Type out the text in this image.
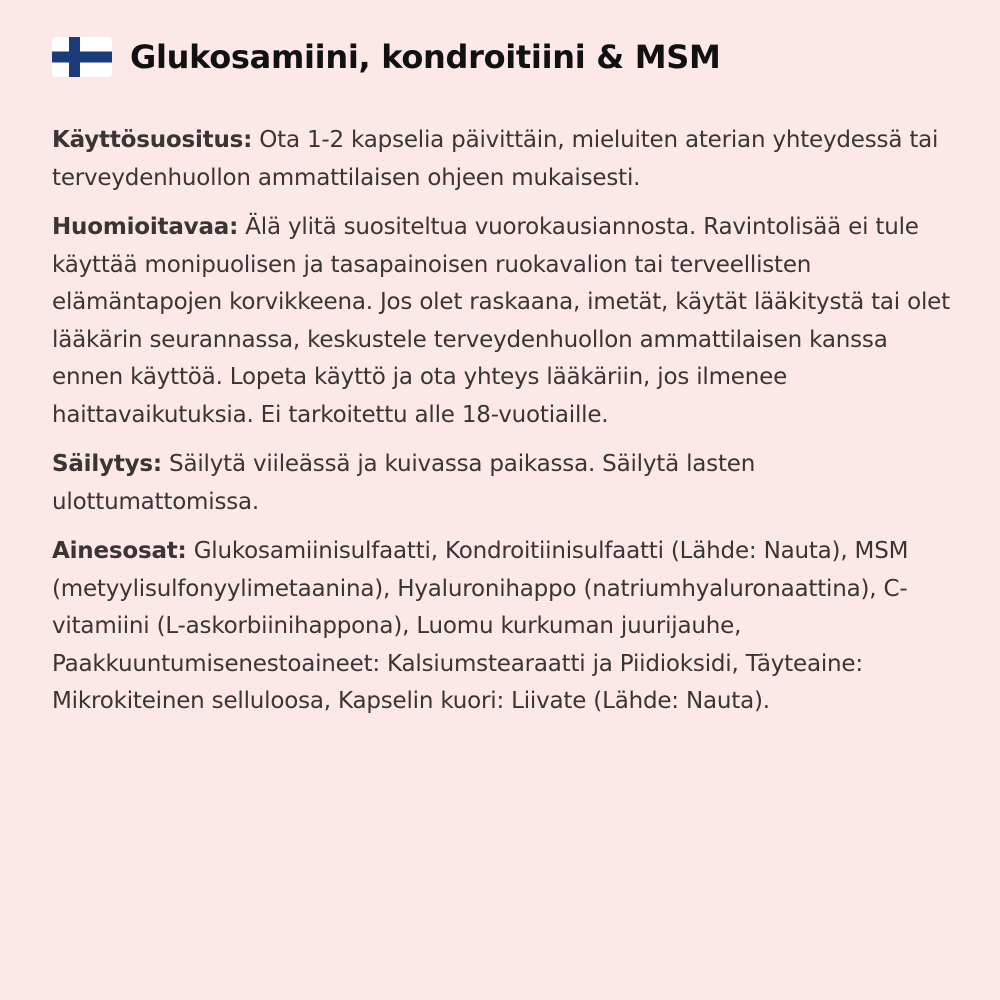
Glukosamiini, kondroitiini & MSM

Käyttösuositus: Ota 1-2 kapselia päivittäin, mieluiten aterian yhteydessä tai terveydenhuollon ammattilaisen ohjeen mukaisesti.

Huomioitavaa: Älä ylitä suositeltua vuorokausiannosta. Ravintolisää ei tule käyttää monipuolisen ja tasapainoisen ruokavalion tai terveellisten elämäntapojen korvikkeena. Jos olet raskaana, imetät, käytät lääkitystä tai olet lääkärin seurannassa, keskustele terveydenhuollon ammattilaisen kanssa ennen käyttöä. Lopeta käyttö ja ota yhteys lääkäriin, jos ilmenee haittavaikutuksia. Ei tarkoitettu alle 18-vuotiaille.

Säilytys: Säilytä viileässä ja kuivassa paikassa. Säilytä lasten ulottumattomissa.

Ainesosat: Glukosamiinisulfaatti, Kondroitiinisulfaatti (Lähde: Nauta), MSM (metyylisulfonyylimetaanina), Hyaluronihappo (natriumhyaluronaattina), C-vitamiini (L-askorbiinihappona), Luomu kurkuman juurijauhe, Paakkuuntumisenestoaineet: Kalsiumstearaatti ja Piidioksidi, Täyteaine: Mikrokiteinen selluloosa, Kapselin kuori: Liivate (Lähde: Nauta).
